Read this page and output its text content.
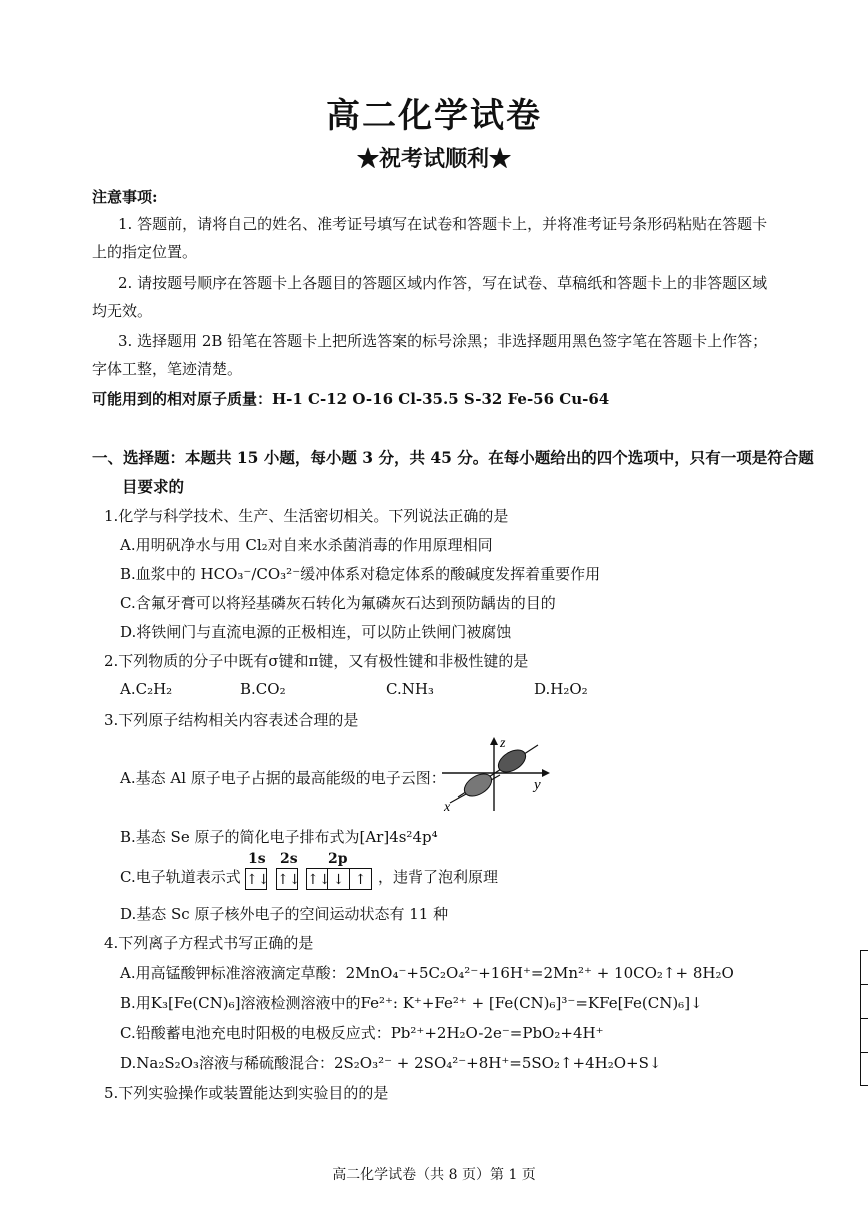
高二化学试卷
★祝考试顺利★
注意事项:
1. 答题前，请将自己的姓名、准考证号填写在试卷和答题卡上，并将准考证号条形码粘贴在答题卡
上的指定位置。
2. 请按题号顺序在答题卡上各题目的答题区域内作答，写在试卷、草稿纸和答题卡上的非答题区域
均无效。
3. 选择题用 2B 铅笔在答题卡上把所选答案的标号涂黑；非选择题用黑色签字笔在答题卡上作答；
字体工整，笔迹清楚。
可能用到的相对原子质量：H-1 C-12 O-16 Cl-35.5 S-32 Fe-56 Cu-64
一、选择题：本题共 15 小题，每小题 3 分，共 45 分。在每小题给出的四个选项中，只有一项是符合题
目要求的
1.化学与科学技术、生产、生活密切相关。下列说法正确的是
A.用明矾净水与用 Cl₂对自来水杀菌消毒的作用原理相同
B.血浆中的 HCO₃⁻/CO₃²⁻缓冲体系对稳定体系的酸碱度发挥着重要作用
C.含氟牙膏可以将羟基磷灰石转化为氟磷灰石达到预防龋齿的目的
D.将铁闸门与直流电源的正极相连，可以防止铁闸门被腐蚀
2.下列物质的分子中既有σ键和π键，又有极性键和非极性键的是
A.C₂H₂	B.CO₂	C.NH₃	D.H₂O₂
3.下列原子结构相关内容表述合理的是
A.基态 Al 原子电子占据的最高能级的电子云图：
x
y
z
B.基态 Se 原子的简化电子排布式为[Ar]4s²4p⁴
C.电子轨道表示式
1s 2s 2p
↑↓ ↑↓ ↑↓ ↓ ↑ ，违背了泡利原理
D.基态 Sc 原子核外电子的空间运动状态有 11 种
4.下列离子方程式书写正确的是
A.用高锰酸钾标准溶液滴定草酸：2MnO₄⁻+5C₂O₄²⁻+16H⁺=2Mn²⁺ + 10CO₂↑+ 8H₂O
B.用K₃[Fe(CN)₆]溶液检测溶液中的Fe²⁺: K⁺+Fe²⁺ + [Fe(CN)₆]³⁻=KFe[Fe(CN)₆]↓
C.铅酸蓄电池充电时阳极的电极反应式：Pb²⁺+2H₂O-2e⁻=PbO₂+4H⁺
D.Na₂S₂O₃溶液与稀硫酸混合：2S₂O₃²⁻ + 2SO₄²⁻+8H⁺=5SO₂↑+4H₂O+S↓
5.下列实验操作或装置能达到实验目的的是
高二化学试卷（共 8 页）第 1 页
